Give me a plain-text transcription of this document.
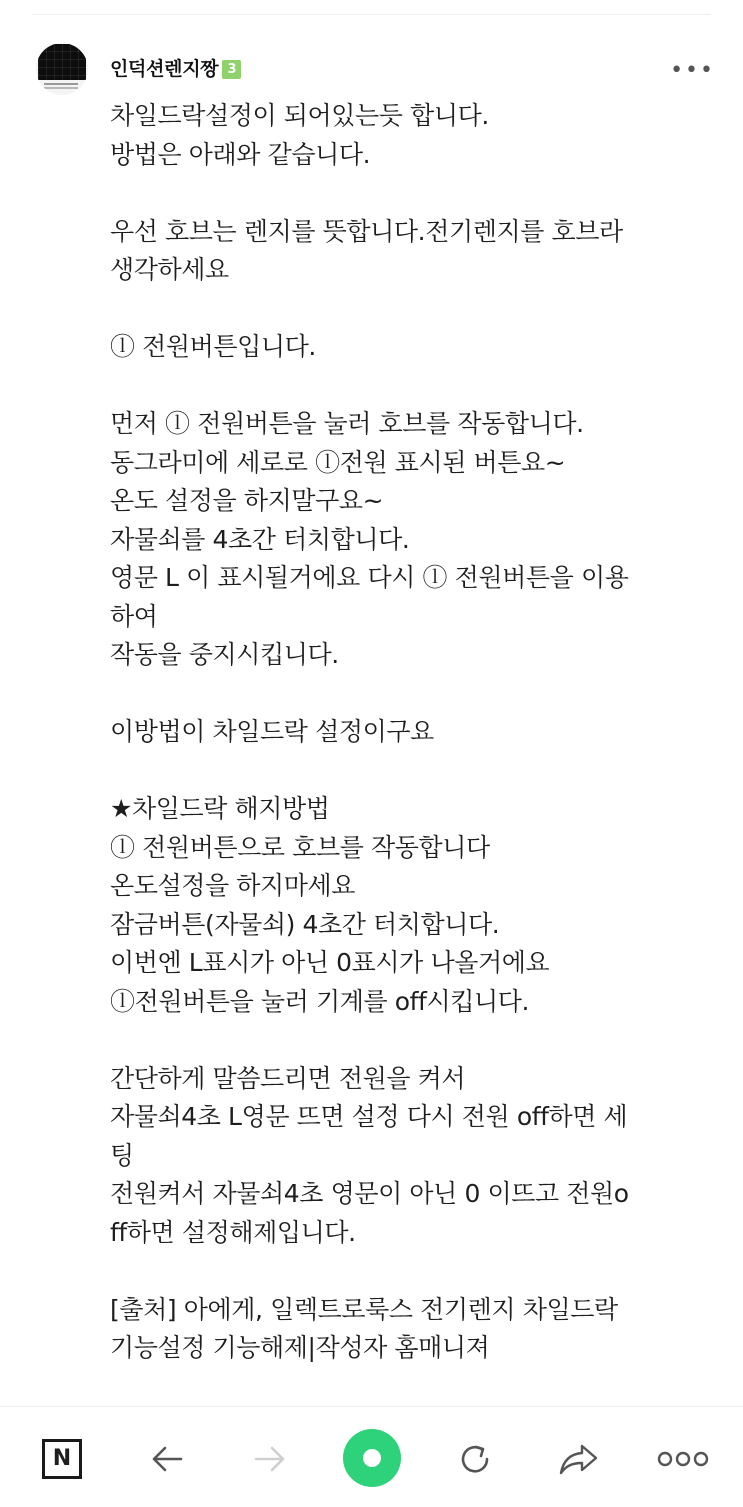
인덕션렌지짱 3	•••
차일드락설정이 되어있는듯 합니다.
방법은 아래와 같습니다.
우선 호브는 렌지를 뜻합니다.전기렌지를 호브라
생각하세요
ⓛ 전원버튼입니다.
먼저 ⓛ 전원버튼을 눌러 호브를 작동합니다.
동그라미에 세로로 ⓛ전원 표시된 버튼요~
온도 설정을 하지말구요~
자물쇠를 4초간 터치합니다.
영문 L 이 표시될거에요 다시 ⓛ 전원버튼을 이용
하여
작동을 중지시킵니다.
이방법이 차일드락 설정이구요
★차일드락 해지방법
ⓛ 전원버튼으로 호브를 작동합니다
온도설정을 하지마세요
잠금버튼(자물쇠) 4초간 터치합니다.
이번엔 L표시가 아닌 0표시가 나올거에요
ⓛ전원버튼을 눌러 기계를 off시킵니다.
간단하게 말씀드리면 전원을 켜서
자물쇠4초 L영문 뜨면 설정 다시 전원 off하면 세
팅
전원켜서 자물쇠4초 영문이 아닌 0 이뜨고 전원o
ff하면 설정해제입니다.
[출처] 아에게, 일렉트로룩스 전기렌지 차일드락
기능설정 기능해제|작성자 홈매니져
N
